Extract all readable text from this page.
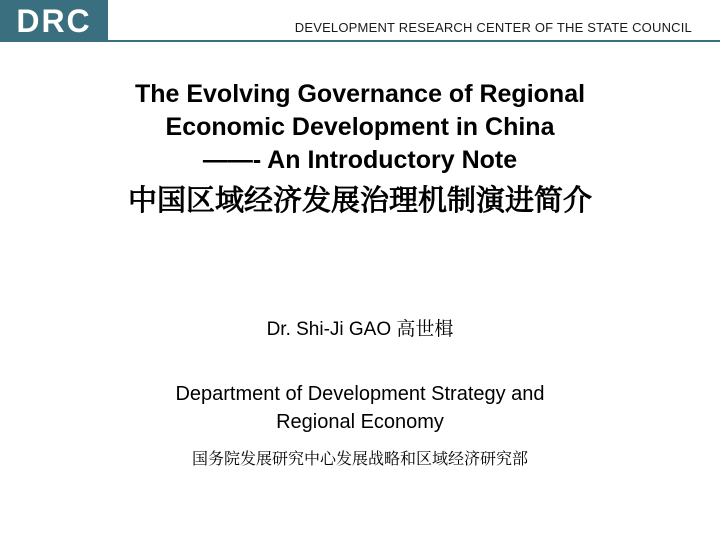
DRC	DEVELOPMENT RESEARCH CENTER OF THE STATE COUNCIL
The Evolving Governance of Regional
Economic Development in China
——- An Introductory Note
中国区域经济发展治理机制演进简介
Dr. Shi-Ji GAO 高世楫
Department of Development Strategy and
Regional Economy
国务院发展研究中心发展战略和区域经济研究部
